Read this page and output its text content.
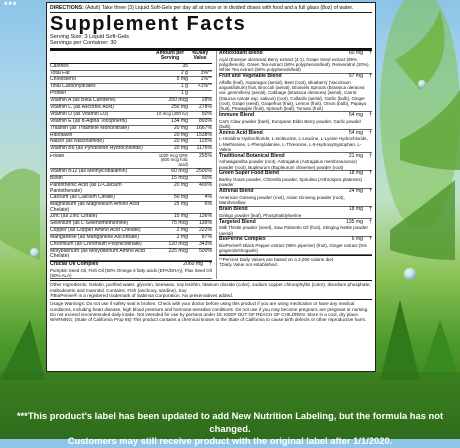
***	DIRECTIONS: (Adult) Take three (3) Liquid Soft-Gels per day all at once or in divided doses with food and a full glass (8oz) of water.
Supplement Facts
Serving Size: 3 Liquid Soft-Gels
Servings per Container: 30
Amount per Serving
%Daily Value
Calories	35
Total Fat	2 g	3%**
Cholesterol	5 mg	1%**
Total Carbohydrates	1 g	<1%**
Protein	1 g
Vitamin A (as Beta Carotene)	250 mcg	28%
Vitamin C (as Ascorbic Acid)	250 mg	278%
Vitamin D (as Vitamin D3)	10 mcg (400 IU)	50%
Vitamin E (as d-Alpha Tocopherol)	134 mg	893%
Thiamin (as Thiamine Mononitrate)	20 mg	1667%
Riboflavin	20 mg	1538%
Niacin (as Niacinamide)	20 mg	125%
Vitamin B6 (as Pyridoxine Hydrochloride)	20 mg	1176%
Folate	1020 mcg DFE (600 mcg folic acid)
255%
Vitamin B12 (as Methylcobalamin)	60 mcg	2500%
Biotin	15 mcg	50%
Pantothenic Acid (as D-Calcium Pantothenate)
20 mg	400%
Calcium (as Calcium Citrate)	50 mg	4%
Magnesium (as Magnesium Amino Acid Chelate)
25 mg	6%
Zinc (as Zinc Citrate)	15 mg	136%
Selenium (as L-Selenomethionine)	75 mcg	136%
Copper (as Copper Amino Acid Chelate)	2 mg	222%
Manganese (as Manganese Ascorbate)	2 mg	87%
Chromium (as Chromium Polynicotinate)	120 mcg	343%
Molybdenum (as Molybdenum Amino Acid Chelate)
225 mcg	500%
Crucial Oil Complex	2060 mg	†
Pumpkin Seed Oil, Fish Oil (50% Omega-3 fatty acids (EPA/DHA)), Flax Seed Oil (50% ALA)
Antioxidant Blend	60 mg	†
Açaí (Euterpe oleracea) Berry extract (4:1), Grape Seed extract (95% polyphenols), Green Tea extract (50% polyphenols/leaf), Resveratrol (20%), White Tea extract (50% polyphenols/leaf)
Fruit and Vegetable Blend	57 mg	†
Alfalfa (leaf), Asparagus (aerial), Beet (root), Blueberry (Vaccinium angustifolium) fruit, Broccoli (aerial), Brussels Sprouts (Brassica oleracea var. gemmifera) (aerial), Cabbage (Brassica oleracea) (aerial), Carrot (Daucus carota ssp. sativus) (root), Collards (aerial), Garlic (bulb), Ginger (root), Grape (seed), Grapefruit (fruit), Lemon (fruit), Onion (bulb), Papaya (fruit), Pineapple (fruit), Spinach (leaf), Tomato (fruit)
Immune Blend	54 mg	†
Cat's Claw powder (bark), European Elder Berry powder, Garlic powder (bulb)
Amino Acid Blend	54 mg	†
L-Histidine Hydrochloride, L-Isoleucine, L-Leucine, L-Lysine Hydrochloride, L-Methionine, L-Phenylalanine, L-Threonine, L-5-Hydroxytryptophan, L-Valine
Traditional Botanical Blend	21 mg	†
Ashwagandha powder (root), Astragalus (Astragalus membranaceus) powder (root), Bupleurum (Bupleurum chinense) powder (root)
Green Super Food Blend	18 mg	†
Barley Grass powder, Chlorella powder, Spirulina (Arthrospira platensis) powder
Adrenal Blend	24 mg	†
American Ginseng powder (root), Asian Ginseng powder (root), Marshmallow
Brain Blend	18 mg	†
Ginkgo powder (leaf), Phosphatidylserine
Targeted Blend	135 mg	†
Milk Thistle powder (seed), Saw Palmetto Oil (fruit), Stinging Nettle powder (aerial)
BioPerine Complex	6 mg	†
BioPerine® Black Pepper extract (95% piperine) (fruit), Ginger extract (5% gingerols/shogaols)
**Percent Daily Values are based on a 2,000 calorie diet
†Daily Value not established.
Other Ingredients: Gelatin, purified water, glycerin, beeswax, soy lecithin, titanium dioxide (color), sodium copper chlorophyllin (color), disodium phosphate, maltodextrin and mannitol. Contains: Fish (anchovy, sardine), Soy
®BioPerine® is a registered trademark of Sabinsa Corporation. No preservatives added.
Usage Warnings: Do not use if safety seal is broken. Check with your doctor before using this product if you are using medication or have any medical conditions, including heart disease, high blood pressure and hormone-sensitive conditions. Do not use if you may become pregnant, are pregnant or nursing. Do not exceed recommended daily intake. Not intended for use by persons under 18. KEEP OUT OF REACH OF CHILDREN. Store in a cool, dry place. WARNING: (State of California Prop 65) This product contains a chemical known to the State of California to cause birth defects or other reproductive harm.
***This product's label has been updated to add New Nutrition Labeling, but the formula has not changed.
Customers may still receive product with the original label after 1/1/2020.
